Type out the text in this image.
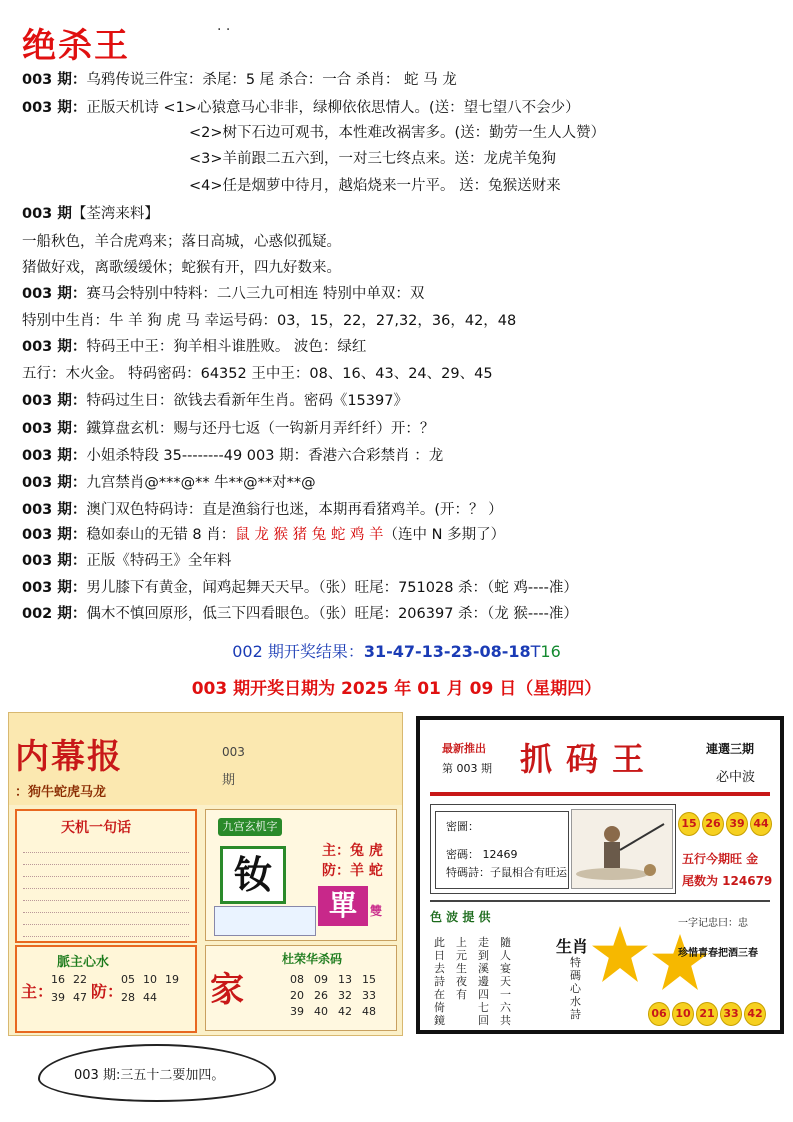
绝杀王	· ·
003 期：乌鸦传说三件宝：杀尾：5 尾 杀合：一合 杀肖： 蛇 马 龙
003 期：正版天机诗 <1>心猿意马心非非，绿柳依依思情人。(送：望七望八不会少）
<2>树下石边可观书，本性难改祸害多。(送：勤劳一生人人赞）
<3>羊前跟二五六到，一对三七终点来。送：龙虎羊兔狗
<4>任是烟萝中待月，越焰烧来一片平。 送：兔猴送财来
003 期【荃湾来料】
一船秋色，羊合虎鸡来；落日高城，心惑似孤疑。
猪做好戏，离歌缓缓休；蛇猴有开，四九好数来。
003 期：赛马会特别中特料：二八三九可相连 特别中单双：双
特别中生肖：牛 羊 狗 虎 马 幸运号码：03，15，22，27,32，36，42，48
003 期：特码王中王：狗羊相斗谁胜败。 波色：绿红
五行：木火金。 特码密码：64352 王中王：08、16、43、24、29、45
003 期：特码过生日：欲钱去看新年生肖。密码《15397》
003 期：鐵算盘玄机：赐与还丹七返（一钩新月弄纤纤）开：？
003 期：小姐杀特段 35--------49 003 期：香港六合彩禁肖 ：龙
003 期：九宫禁肖@***@** 牛**@**对**@
003 期：澳门双色特码诗：直是渔翁行也迷，本期再看猪鸡羊。(开：？ ）
003 期：稳如泰山的无错 8 肖：鼠 龙 猴 猪 兔 蛇 鸡 羊（连中 N 多期了）
003 期：正版《特码王》全年料
003 期：男儿膝下有黄金，闻鸡起舞天天早。（张）旺尾：751028 杀：（蛇 鸡----准）
002 期：偶木不慎回原形，低三下四看眼色。（张）旺尾：206397 杀：（龙 猴----准）
002 期开奖结果：31-47-13-23-08-18T16
003 期开奖日期为 2025 年 01 月 09 日（星期四）
内幕报	003
期
：狗牛蛇虎马龙
天机一句话
脈主心水
主： 防：
16 22
39 47
05 10 19
28 44
九宫玄机字
钕
主：兔 虎
防：羊 蛇
單	雙
家
杜荣华杀码
08 09 13 15
20 26 32 33
39 40 42 48
最新推出
第 003 期 抓码王	連選三期
必中波
密圖：
密碼： 12469
特碼詩：子鼠相合有旺运
15 26 39 44
五行今期旺 金
尾数为 124679
色 波 提 供
此日去詩在倚鏡
上元生夜有
走到溪邊四七回
隨人宴天一六共
生肖
特碼心水詩
一字记忠曰：忠
珍惜青春把酒三春
06 10 21 33 42
003 期:三五十二要加四。
